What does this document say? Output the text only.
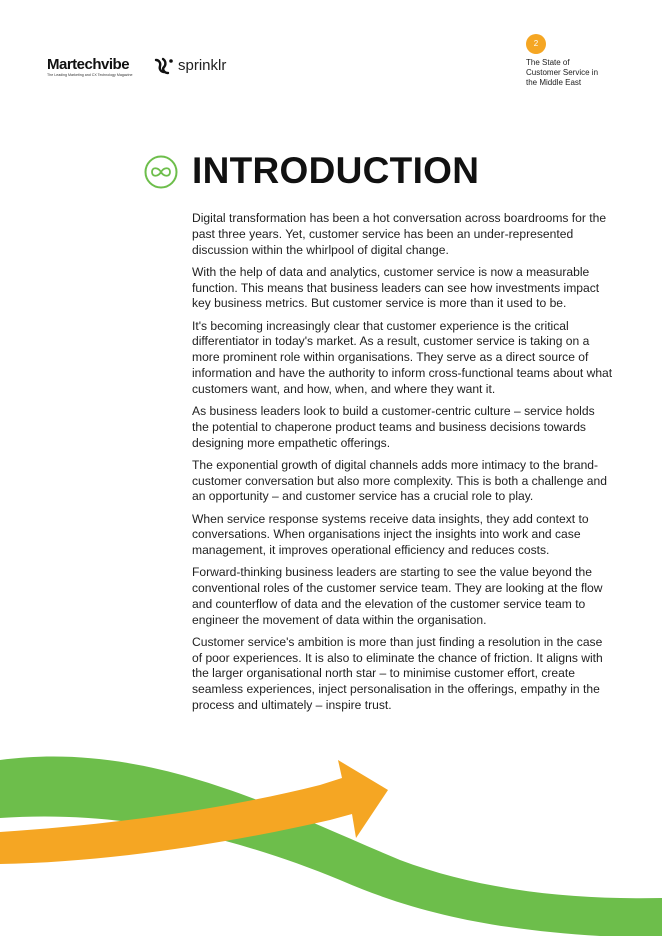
Martechvibe
The Leading Marketing and CX Technology Magazine
sprinklr
2
The State of
Customer Service in
the Middle East
INTRODUCTION

Digital transformation has been a hot conversation across boardrooms for the past three years. Yet, customer service has been an under-represented discussion within the whirlpool of digital change.

With the help of data and analytics, customer service is now a measurable function. This means that business leaders can see how investments impact key business metrics. But customer service is more than it used to be.

It's becoming increasingly clear that customer experience is the critical differentiator in today's market. As a result, customer service is taking on a more prominent role within organisations. They serve as a direct source of information and have the authority to inform cross-functional teams about what customers want, and how, when, and where they want it.

As business leaders look to build a customer-centric culture – service holds the potential to chaperone product teams and business decisions towards designing more empathetic offerings.

The exponential growth of digital channels adds more intimacy to the brand-customer conversation but also more complexity. This is both a challenge and an opportunity – and customer service has a crucial role to play.

When service response systems receive data insights, they add context to conversations. When organisations inject the insights into work and case management, it improves operational efficiency and reduces costs.

Forward-thinking business leaders are starting to see the value beyond the conventional roles of the customer service team. They are looking at the flow and counterflow of data and the elevation of the customer service team to engineer the movement of data within the organisation.

Customer service's ambition is more than just finding a resolution in the case of poor experiences. It is also to eliminate the chance of friction. It aligns with the larger organisational north star – to minimise customer effort, create seamless experiences, inject personalisation in the offerings, empathy in the process and ultimately – inspire trust.
